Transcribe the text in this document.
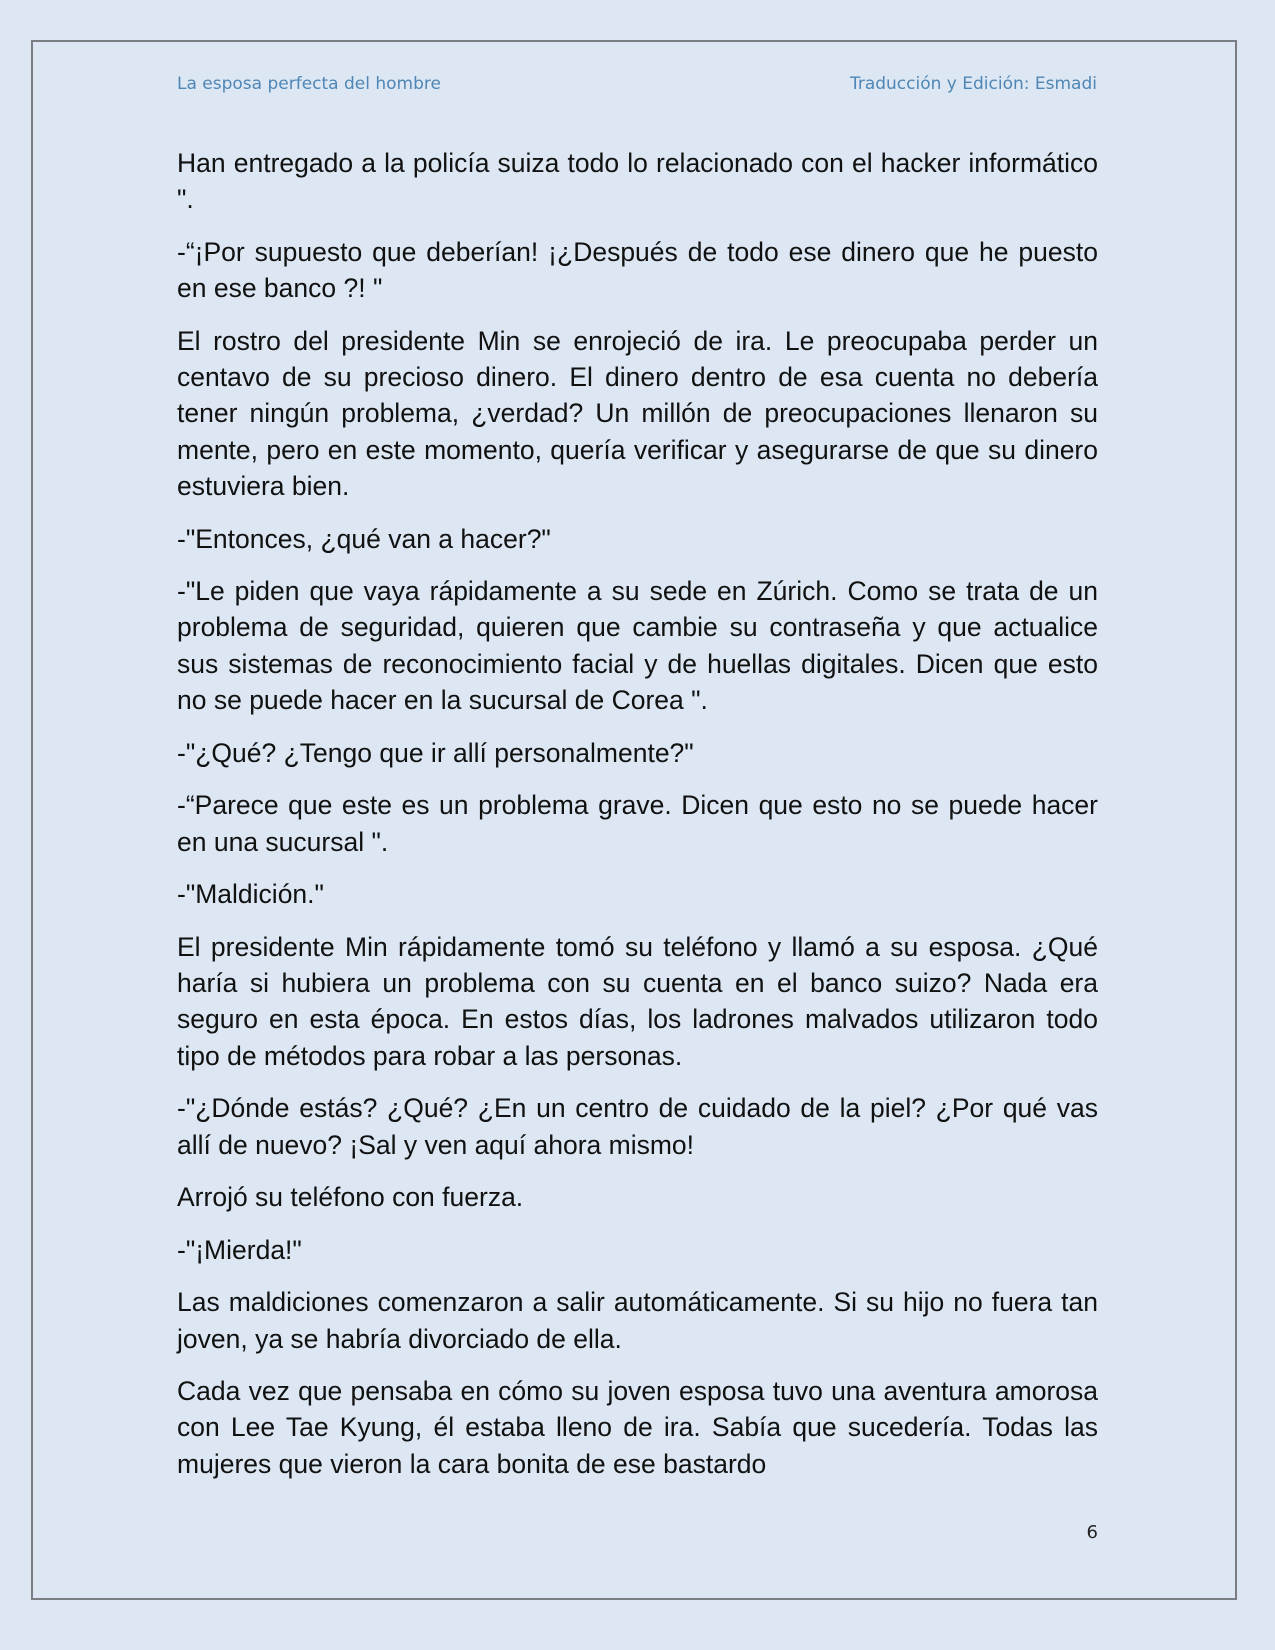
La esposa perfecta del hombre	Traducción y Edición: Esmadi

Han entregado a la policía suiza todo lo relacionado con el hacker informático ".

-“¡Por supuesto que deberían! ¡¿Después de todo ese dinero que he puesto en ese banco ?! "

El rostro del presidente Min se enrojeció de ira. Le preocupaba perder un centavo de su precioso dinero. El dinero dentro de esa cuenta no debería tener ningún problema, ¿verdad? Un millón de preocupaciones llenaron su mente, pero en este momento, quería verificar y asegurarse de que su dinero estuviera bien.

-"Entonces, ¿qué van a hacer?"

-"Le piden que vaya rápidamente a su sede en Zúrich. Como se trata de un problema de seguridad, quieren que cambie su contraseña y que actualice sus sistemas de reconocimiento facial y de huellas digitales. Dicen que esto no se puede hacer en la sucursal de Corea ".

-"¿Qué? ¿Tengo que ir allí personalmente?"

-“Parece que este es un problema grave. Dicen que esto no se puede hacer en una sucursal ".

-"Maldición."

El presidente Min rápidamente tomó su teléfono y llamó a su esposa. ¿Qué haría si hubiera un problema con su cuenta en el banco suizo? Nada era seguro en esta época. En estos días, los ladrones malvados utilizaron todo tipo de métodos para robar a las personas.

-"¿Dónde estás? ¿Qué? ¿En un centro de cuidado de la piel? ¿Por qué vas allí de nuevo? ¡Sal y ven aquí ahora mismo!

Arrojó su teléfono con fuerza.

-"¡Mierda!"

Las maldiciones comenzaron a salir automáticamente. Si su hijo no fuera tan joven, ya se habría divorciado de ella.

Cada vez que pensaba en cómo su joven esposa tuvo una aventura amorosa con Lee Tae Kyung, él estaba lleno de ira. Sabía que sucedería. Todas las mujeres que vieron la cara bonita de ese bastardo

6
